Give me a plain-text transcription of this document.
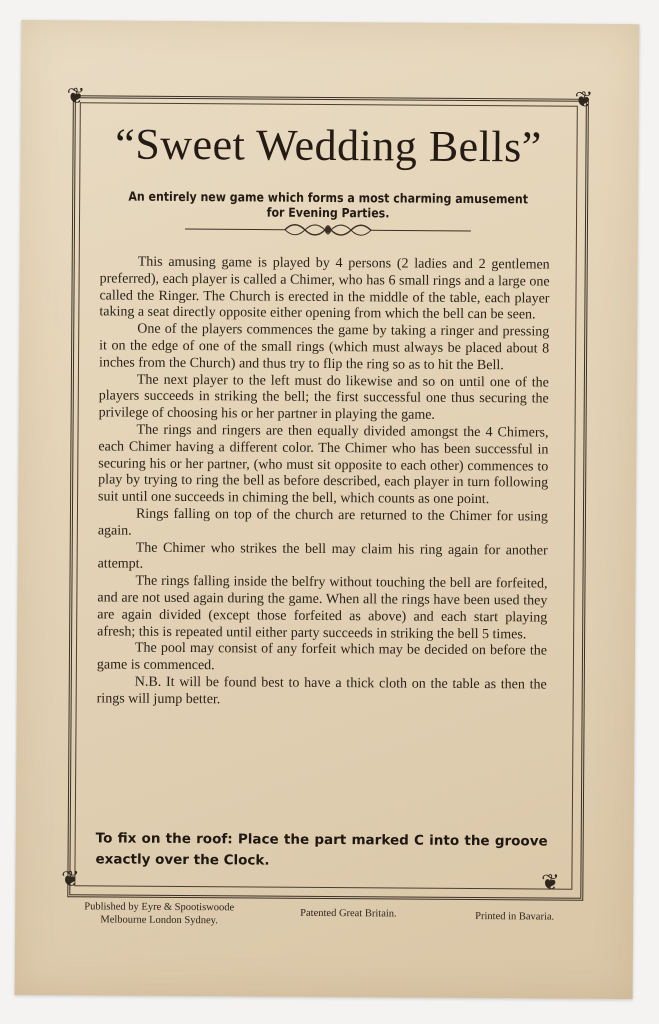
❦	❦
❦	❦
“Sweet Wedding Bells”
An entirely new game which forms a most charming amusement for Evening Parties.

This amusing game is played by 4 persons (2 ladies and 2 gentlemen preferred), each player is called a Chimer, who has 6 small rings and a large one called the Ringer. The Church is erected in the middle of the table, each player taking a seat directly opposite either opening from which the bell can be seen.

One of the players commences the game by taking a ringer and pressing it on the edge of one of the small rings (which must always be placed about 8 inches from the Church) and thus try to flip the ring so as to hit the Bell.

The next player to the left must do likewise and so on until one of the players succeeds in striking the bell; the first successful one thus securing the privilege of choosing his or her partner in playing the game.

The rings and ringers are then equally divided amongst the 4 Chimers, each Chimer having a different color. The Chimer who has been successful in securing his or her partner, (who must sit opposite to each other) commences to play by trying to ring the bell as before described, each player in turn following suit until one succeeds in chiming the bell, which counts as one point.

Rings falling on top of the church are returned to the Chimer for using again.

The Chimer who strikes the bell may claim his ring again for another attempt.

The rings falling inside the belfry without touching the bell are forfeited, and are not used again during the game. When all the rings have been used they are again divided (except those forfeited as above) and each start playing afresh; this is repeated until either party succeeds in striking the bell 5 times.

The pool may consist of any forfeit which may be decided on before the game is commenced.

N.B. It will be found best to have a thick cloth on the table as then the rings will jump better.

To fix on the roof: Place the part marked C into the groove exactly over the Clock.
Published by Eyre & Spootiswoode
Melbourne London Sydney.
Patented Great Britain.	Printed in Bavaria.
